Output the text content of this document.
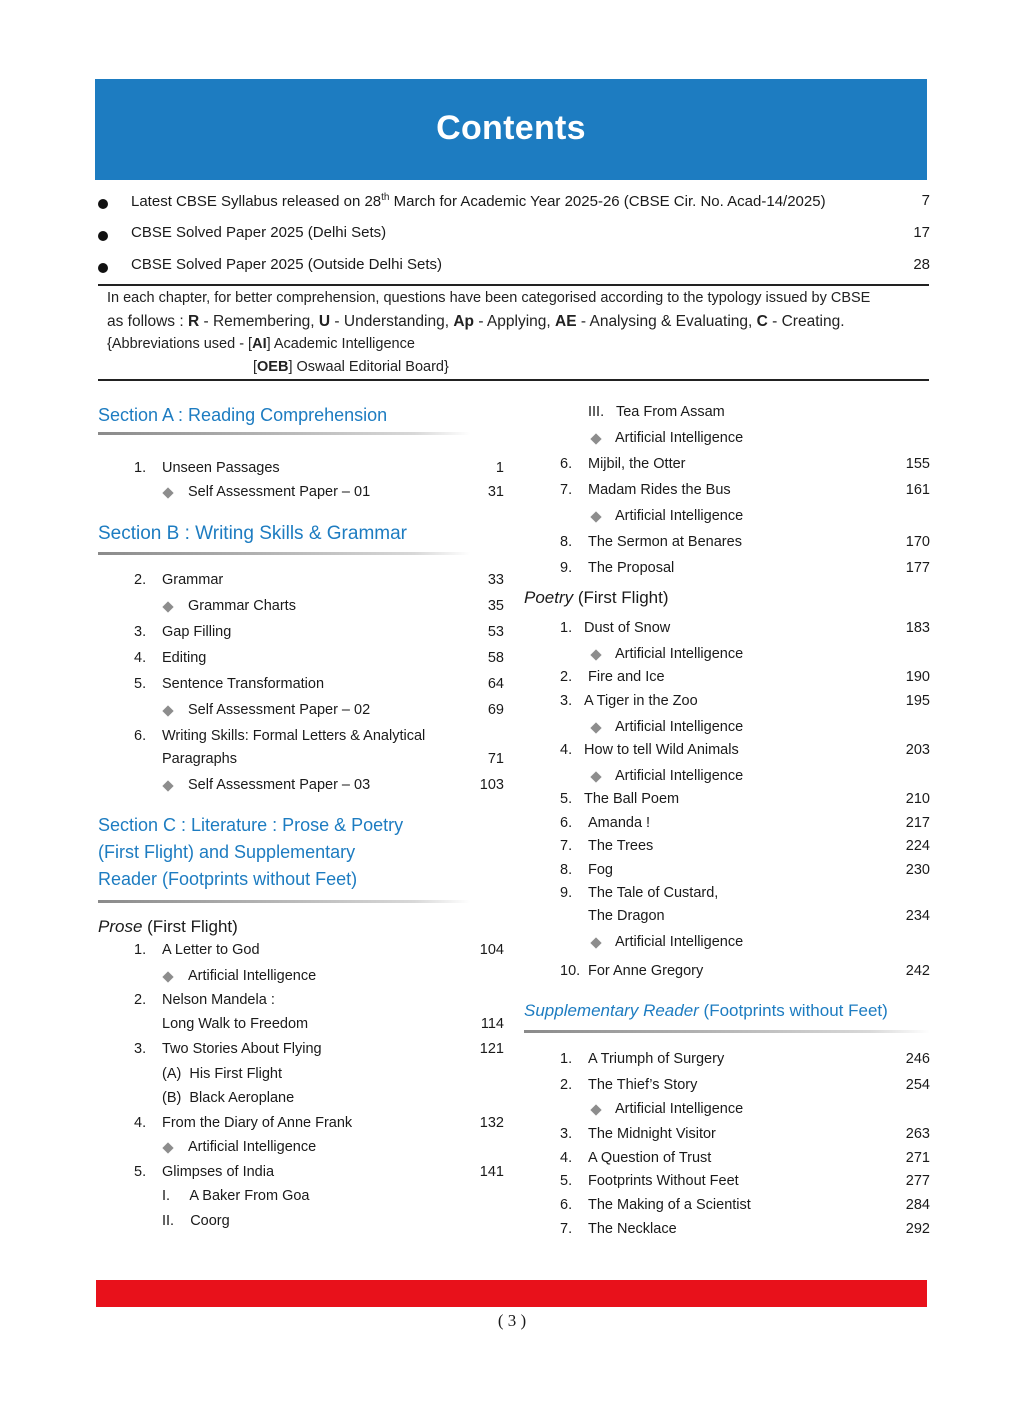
Contents
Latest CBSE Syllabus released on 28th March for Academic Year 2025-26 (CBSE Cir. No. Acad-14/2025)	7
CBSE Solved Paper 2025 (Delhi Sets)	17
CBSE Solved Paper 2025 (Outside Delhi Sets)	28
In each chapter, for better comprehension, questions have been categorised according to the typology issued by CBSE
as follows : R - Remembering, U - Understanding, Ap - Applying, AE - Analysing & Evaluating, C - Creating.
{Abbreviations used - [AI] Academic Intelligence
[OEB] Oswaal Editorial Board}
Section A : Reading Comprehension
1. Unseen Passages	1
Self Assessment Paper – 01	31
Section B : Writing Skills & Grammar
2. Grammar	33
Grammar Charts	35
3. Gap Filling	53
4. Editing	58
5. Sentence Transformation	64
Self Assessment Paper – 02	69
6. Writing Skills: Formal Letters & Analytical
Paragraphs	71
Self Assessment Paper – 03	103
Section C : Literature : Prose & Poetry
(First Flight) and Supplementary
Reader (Footprints without Feet)
Prose (First Flight)
1. A Letter to God	104
Artificial Intelligence
2. Nelson Mandela :
Long Walk to Freedom	114
3. Two Stories About Flying	121
(A)  His First Flight
(B)  Black Aeroplane
4. From the Diary of Anne Frank	132
Artificial Intelligence
5. Glimpses of India	141
I.     A Baker From Goa
II.    Coorg
III.   Tea From Assam
Artificial Intelligence
6. Mijbil, the Otter	155
7. Madam Rides the Bus	161
Artificial Intelligence
8. The Sermon at Benares	170
9. The Proposal	177
Poetry (First Flight)
1. Dust of Snow	183
Artificial Intelligence
2. Fire and Ice	190
3. A Tiger in the Zoo	195
Artificial Intelligence
4. How to tell Wild Animals	203
Artificial Intelligence
5. The Ball Poem	210
6. Amanda !	217
7. The Trees	224
8. Fog	230
9. The Tale of Custard,
The Dragon	234
Artificial Intelligence
10. For Anne Gregory	242
Supplementary Reader (Footprints without Feet)
1. A Triumph of Surgery	246
2. The Thief’s Story	254
Artificial Intelligence
3. The Midnight Visitor	263
4. A Question of Trust	271
5. Footprints Without Feet	277
6. The Making of a Scientist	284
7. The Necklace	292
( 3 )
